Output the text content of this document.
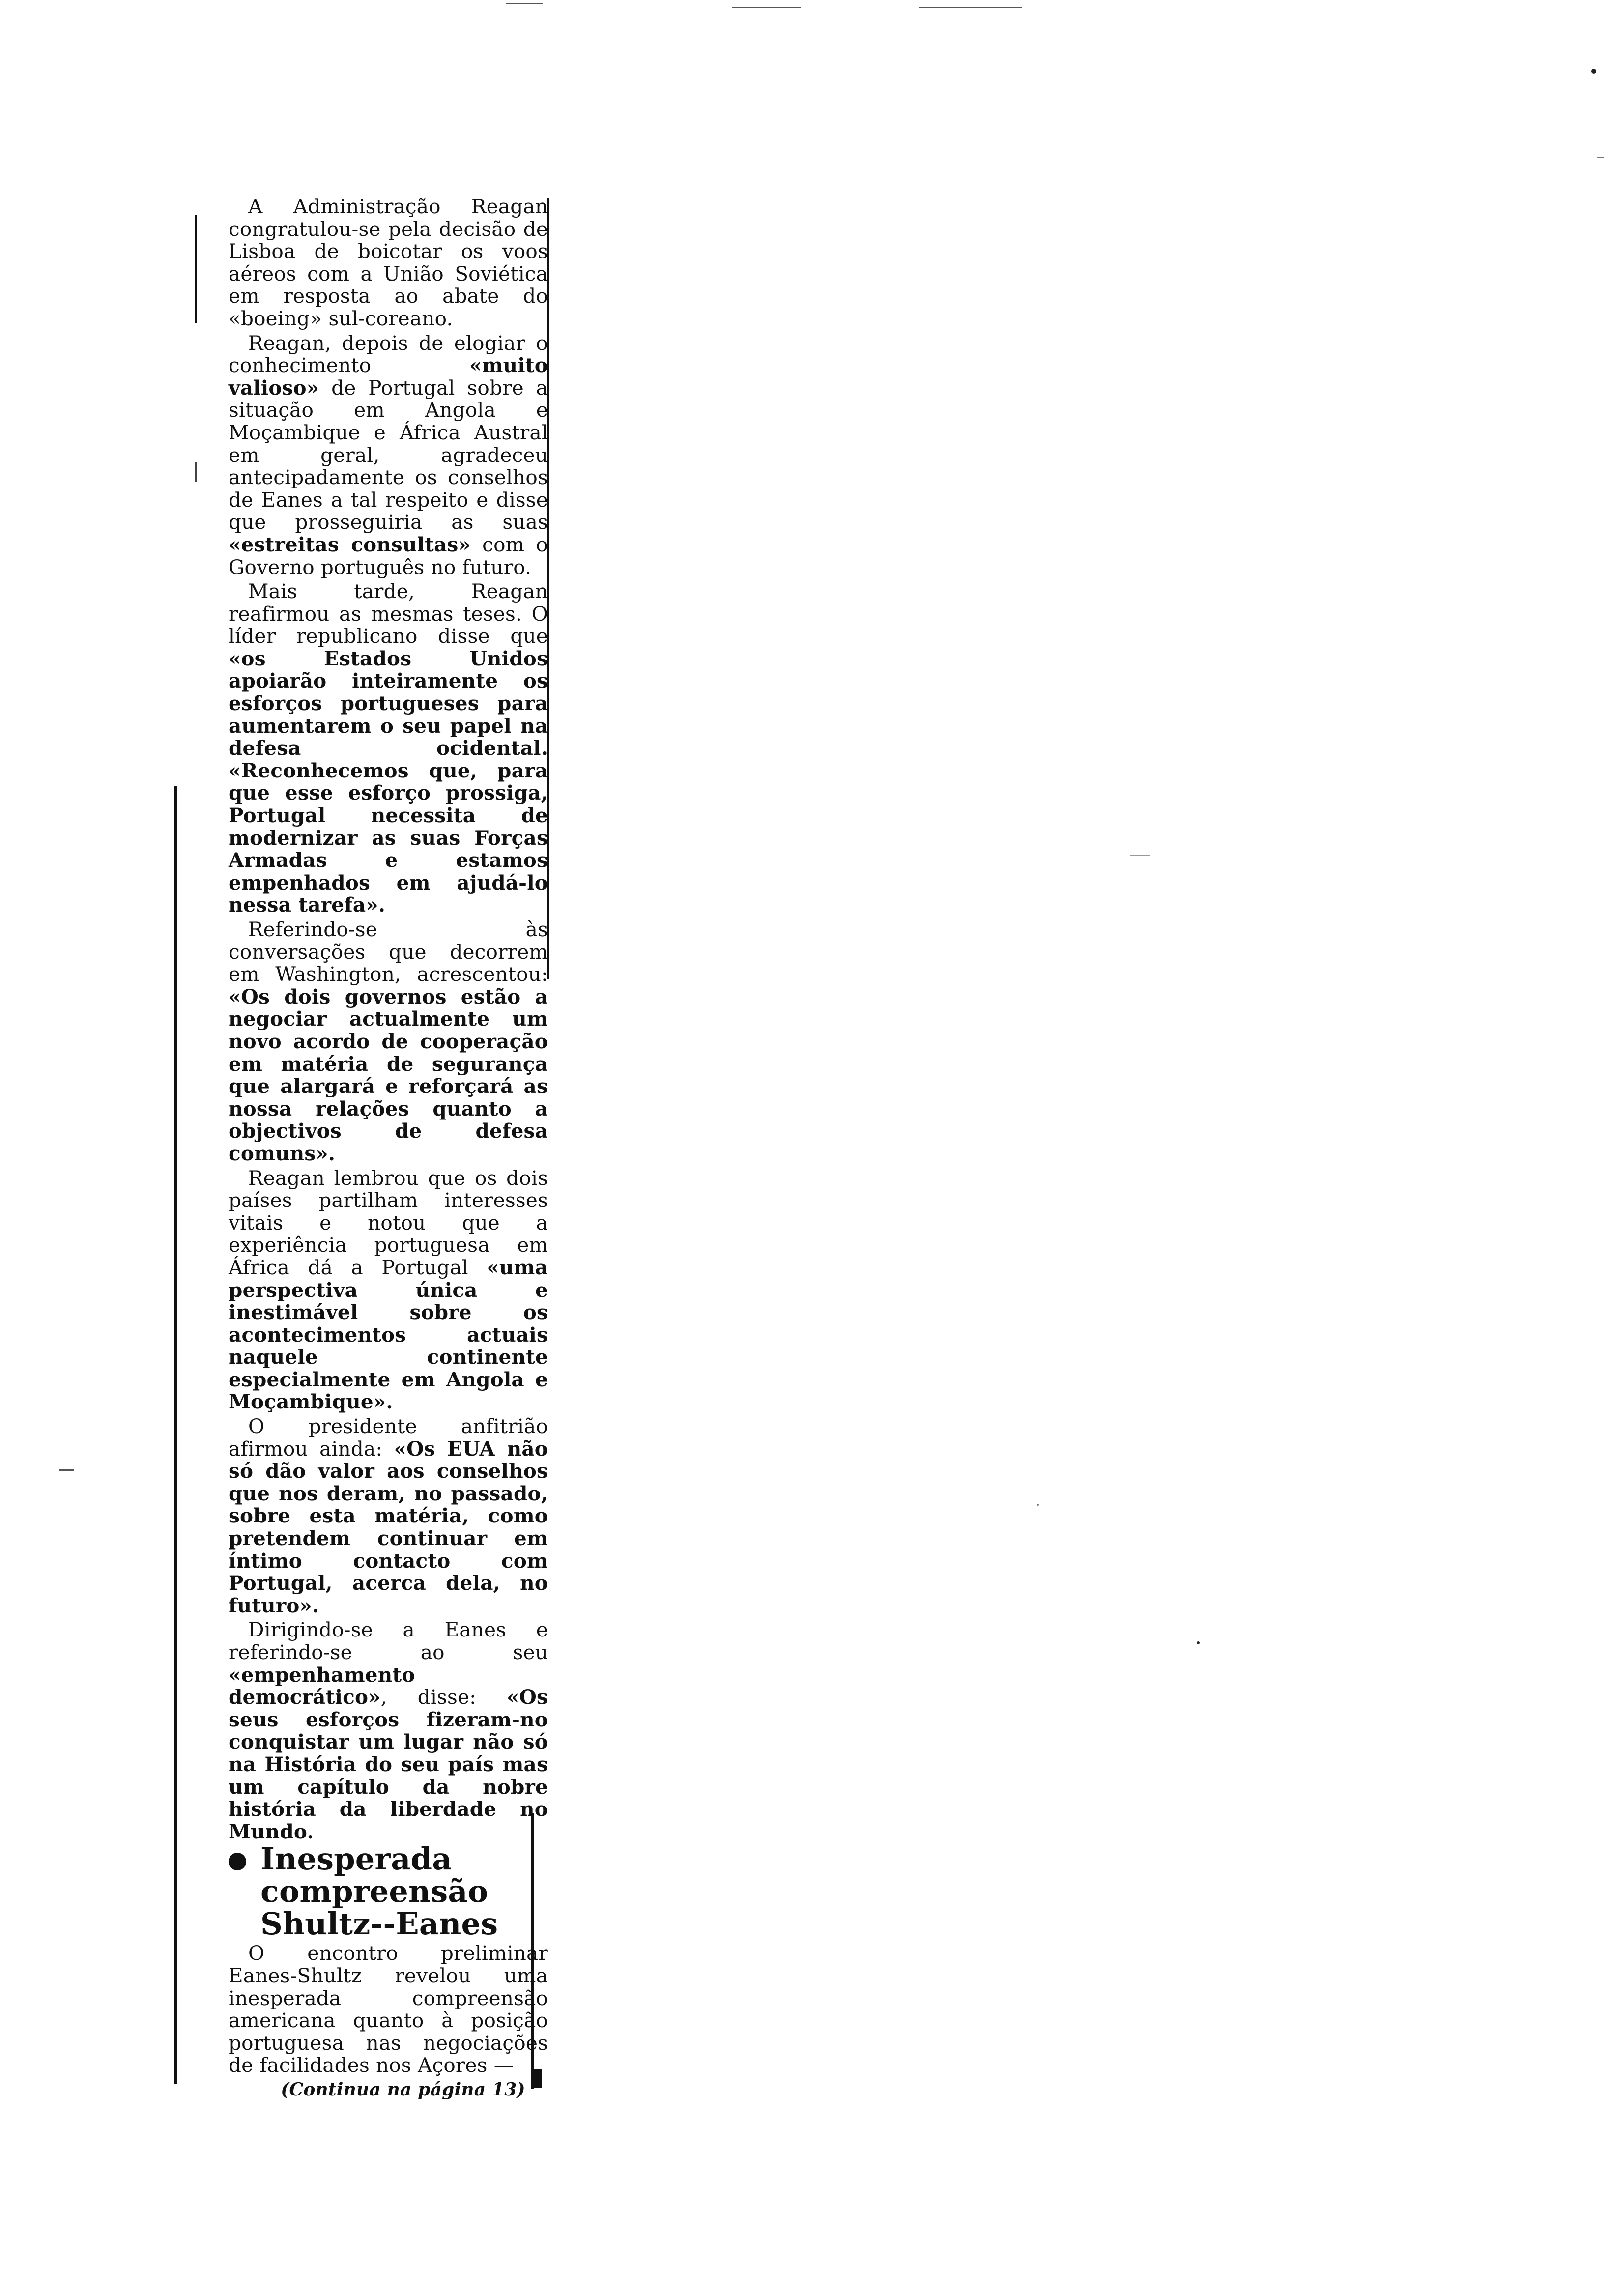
A Administração Reagan congratulou-se pela decisão de Lisboa de boicotar os voos aéreos com a União Soviética em resposta ao abate do «boeing» sul-coreano.

Reagan, depois de elogiar o conhecimento «muito valioso» de Portugal sobre a situação em Angola e Moçambique e África Austral em geral, agradeceu antecipadamente os conselhos de Eanes a tal respeito e disse que prosseguiria as suas «estreitas consultas» com o Governo português no futuro.

Mais tarde, Reagan reafirmou as mesmas teses. O líder republicano disse que «os Estados Unidos apoiarão inteiramente os esforços portugueses para aumentarem o seu papel na defesa ocidental. «Reconhecemos que, para que esse esforço prossiga, Portugal necessita de modernizar as suas Forças Armadas e estamos empenhados em ajudá-lo nessa tarefa».

Referindo-se às conversações que decorrem em Washington, acrescentou: «Os dois governos estão a negociar actualmente um novo acordo de cooperação em matéria de segurança que alargará e reforçará as nossa relações quanto a objectivos de defesa comuns».

Reagan lembrou que os dois países partilham interesses vitais e notou que a experiência portuguesa em África dá a Portugal «uma perspectiva única e inestimável sobre os acontecimentos actuais naquele continente especialmente em Angola e Moçambique».

O presidente anfitrião afirmou ainda: «Os EUA não só dão valor aos conselhos que nos deram, no passado, sobre esta matéria, como pretendem continuar em íntimo contacto com Portugal, acerca dela, no futuro».

Dirigindo-se a Eanes e referindo-se ao seu «empenhamento democrático», disse: «Os seus esforços fizeram-no conquistar um lugar não só na História do seu país mas um capítulo da nobre história da liberdade no Mundo.

Inesperada compreensão Shultz--Eanes

O encontro preliminar Eanes-Shultz revelou uma inesperada compreensão americana quanto à posição portuguesa nas negociações de facilidades nos Açores —

(Continua na página 13)
